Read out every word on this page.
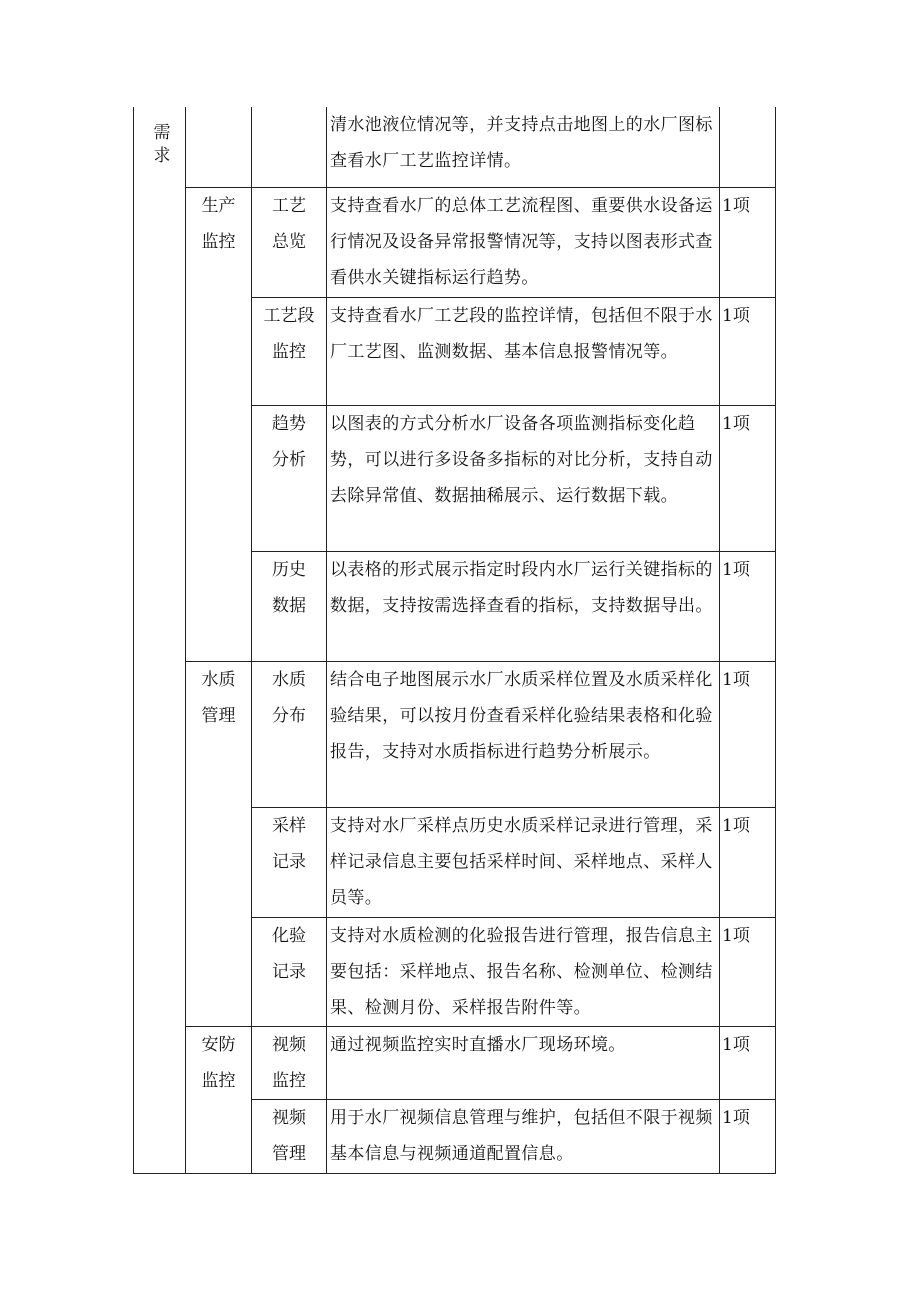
需求			清水池液位情况等，并支持点击地图上的水厂图标查看水厂工艺监控详情。	

	生产监控	工艺总览	支持查看水厂的总体工艺流程图、重要供水设备运行情况及设备异常报警情况等，支持以图表形式查看供水关键指标运行趋势。	1项

		工艺段监控	支持查看水厂工艺段的监控详情，包括但不限于水厂工艺图、监测数据、基本信息报警情况等。	1项

		趋势分析	以图表的方式分析水厂设备各项监测指标变化趋势，可以进行多设备多指标的对比分析，支持自动去除异常值、数据抽稀展示、运行数据下载。	1项

		历史数据	以表格的形式展示指定时段内水厂运行关键指标的数据，支持按需选择查看的指标，支持数据导出。	1项

	水质管理	水质分布	结合电子地图展示水厂水质采样位置及水质采样化验结果，可以按月份查看采样化验结果表格和化验报告，支持对水质指标进行趋势分析展示。	1项

		采样记录	支持对水厂采样点历史水质采样记录进行管理，采样记录信息主要包括采样时间、采样地点、采样人员等。	1项

		化验记录	支持对水质检测的化验报告进行管理，报告信息主要包括：采样地点、报告名称、检测单位、检测结果、检测月份、采样报告附件等。	1项

	安防监控	视频监控	通过视频监控实时直播水厂现场环境。	1项

		视频管理	用于水厂视频信息管理与维护，包括但不限于视频基本信息与视频通道配置信息。	1项
